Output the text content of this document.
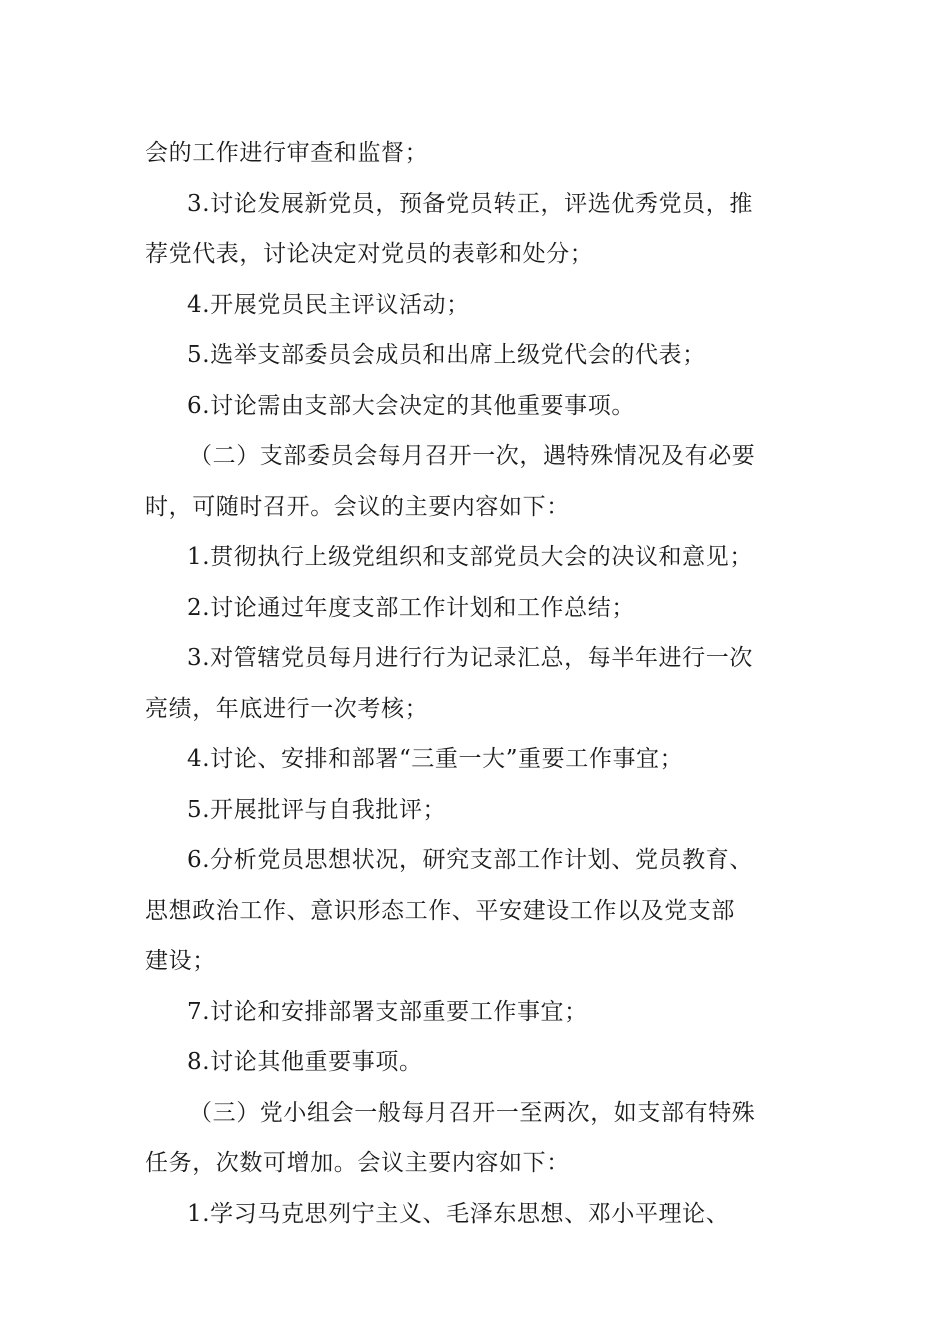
会的工作进行审查和监督；
3.讨论发展新党员，预备党员转正，评选优秀党员，推
荐党代表，讨论决定对党员的表彰和处分；
4.开展党员民主评议活动；
5.选举支部委员会成员和出席上级党代会的代表；
6.讨论需由支部大会决定的其他重要事项。
（二）支部委员会每月召开一次，遇特殊情况及有必要
时，可随时召开。会议的主要内容如下：
1.贯彻执行上级党组织和支部党员大会的决议和意见；
2.讨论通过年度支部工作计划和工作总结；
3.对管辖党员每月进行行为记录汇总，每半年进行一次
亮绩，年底进行一次考核；
4.讨论、安排和部署“三重一大”重要工作事宜；
5.开展批评与自我批评；
6.分析党员思想状况，研究支部工作计划、党员教育、
思想政治工作、意识形态工作、平安建设工作以及党支部
建设；
7.讨论和安排部署支部重要工作事宜；
8.讨论其他重要事项。
（三）党小组会一般每月召开一至两次，如支部有特殊
任务，次数可增加。会议主要内容如下：
1.学习马克思列宁主义、毛泽东思想、邓小平理论、
